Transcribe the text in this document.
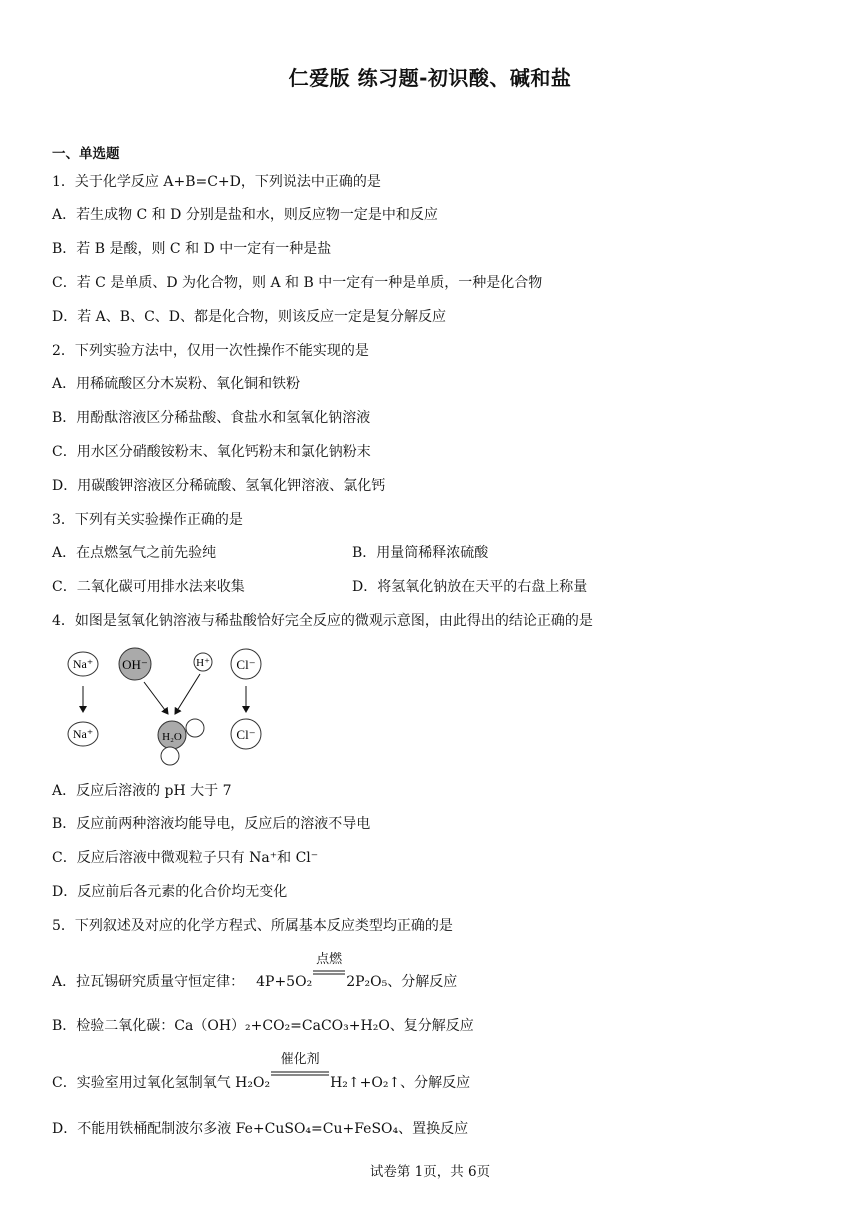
仁爱版 练习题-初识酸、碱和盐
一、单选题
1．关于化学反应 A+B=C+D，下列说法中正确的是
A．若生成物 C 和 D 分别是盐和水，则反应物一定是中和反应
B．若 B 是酸，则 C 和 D 中一定有一种是盐
C．若 C 是单质、D 为化合物，则 A 和 B 中一定有一种是单质，一种是化合物
D．若 A、B、C、D、都是化合物，则该反应一定是复分解反应
2．下列实验方法中，仅用一次性操作不能实现的是
A．用稀硫酸区分木炭粉、氧化铜和铁粉
B．用酚酞溶液区分稀盐酸、食盐水和氢氧化钠溶液
C．用水区分硝酸铵粉末、氧化钙粉末和氯化钠粉末
D．用碳酸钾溶液区分稀硫酸、氢氧化钾溶液、氯化钙
3．下列有关实验操作正确的是
A．在点燃氢气之前先验纯	B．用量筒稀释浓硫酸
C．二氧化碳可用排水法来收集	D．将氢氧化钠放在天平的右盘上称量
4．如图是氢氧化钠溶液与稀盐酸恰好完全反应的微观示意图，由此得出的结论正确的是
Na⁺ OH⁻	H⁺ Cl⁻
Na⁺	H₂O	Cl⁻
A．反应后溶液的 pH 大于 7
B．反应前两种溶液均能导电，反应后的溶液不导电
C．反应后溶液中微观粒子只有 Na⁺和 Cl⁻
D．反应前后各元素的化合价均无变化
5．下列叙述及对应的化学方程式、所属基本反应类型均正确的是
A．拉瓦锡研究质量守恒定律： 4P+5O₂
点燃
2P₂O₅、分解反应
B．检验二氧化碳：Ca（OH）₂+CO₂=CaCO₃+H₂O、复分解反应
C．实验室用过氧化氢制氧气 H₂O₂
催化剂
H₂↑+O₂↑、分解反应
D．不能用铁桶配制波尔多液 Fe+CuSO₄=Cu+FeSO₄、置换反应
试卷第 1页，共 6页
